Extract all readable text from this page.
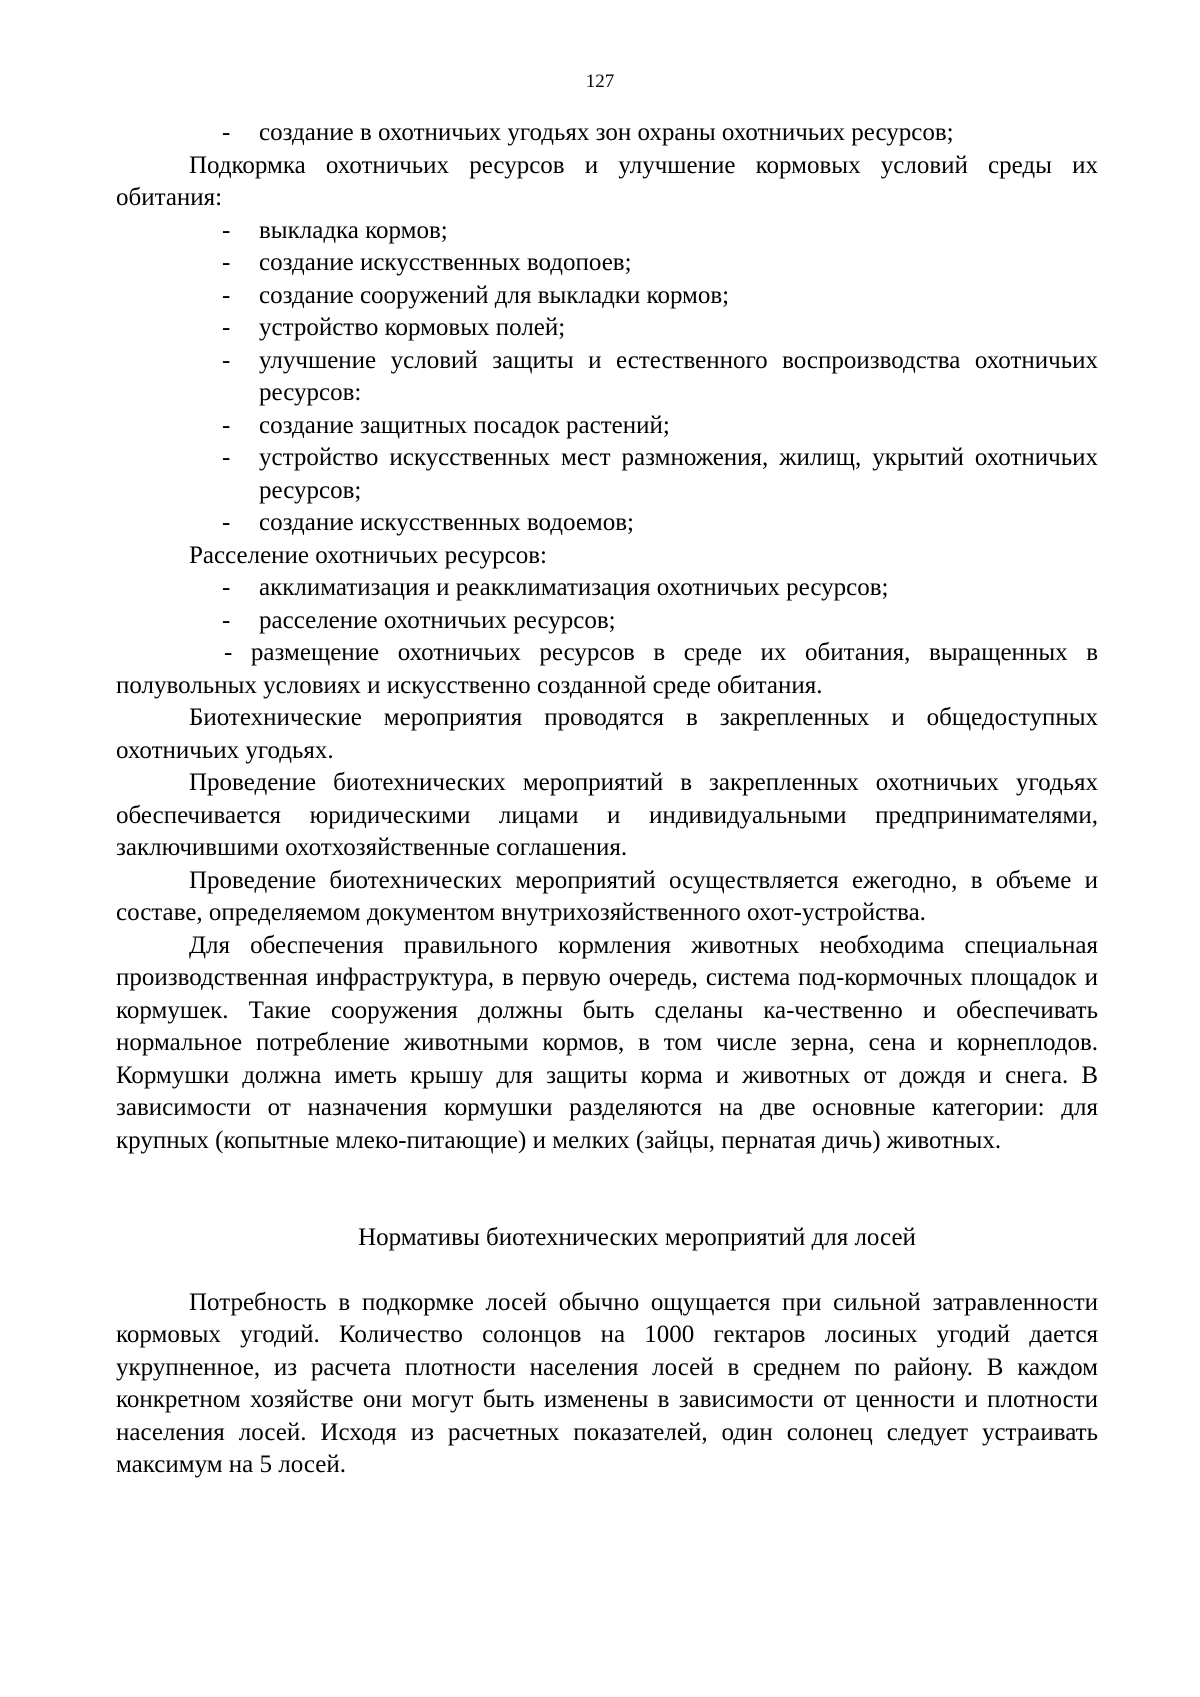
127
- создание в охотничьих угодьях зон охраны охотничьих ресурсов;
Подкормка охотничьих ресурсов и улучшение кормовых условий среды их обитания:
- выкладка кормов;
- создание искусственных водопоев;
- создание сооружений для выкладки кормов;
- устройство кормовых полей;
- улучшение условий защиты и естественного воспроизводства охотничьих ресурсов:
- создание защитных посадок растений;
- устройство искусственных мест размножения, жилищ, укрытий охотничьих ресурсов;
- создание искусственных водоемов;
Расселение охотничьих ресурсов:
- акклиматизация и реакклиматизация охотничьих ресурсов;
- расселение охотничьих ресурсов;
- размещение охотничьих ресурсов в среде их обитания, выращенных в полувольных условиях и искусственно созданной среде обитания.
Биотехнические мероприятия проводятся в закрепленных и общедоступных охотничьих угодьях.
Проведение биотехнических мероприятий в закрепленных охотничьих угодьях обеспечивается юридическими лицами и индивидуальными предпринимателями, заключившими охотхозяйственные соглашения.
Проведение биотехнических мероприятий осуществляется ежегодно, в объеме и составе, определяемом документом внутрихозяйственного охот-устройства.
Для обеспечения правильного кормления животных необходима специальная производственная инфраструктура, в первую очередь, система под-кормочных площадок и кормушек. Такие сооружения должны быть сделаны ка-чественно и обеспечивать нормальное потребление животными кормов, в том числе зерна, сена и корнеплодов. Кормушки должна иметь крышу для защиты корма и животных от дождя и снега. В зависимости от назначения кормушки разделяются на две основные категории: для крупных (копытные млеко-питающие) и мелких (зайцы, пернатая дичь) животных.
Нормативы биотехнических мероприятий для лосей
Потребность в подкормке лосей обычно ощущается при сильной затравленности кормовых угодий. Количество солонцов на 1000 гектаров лосиных угодий дается укрупненное, из расчета плотности населения лосей в среднем по району. В каждом конкретном хозяйстве они могут быть изменены в зависимости от ценности и плотности населения лосей. Исходя из расчетных показателей, один солонец следует устраивать максимум на 5 лосей.
